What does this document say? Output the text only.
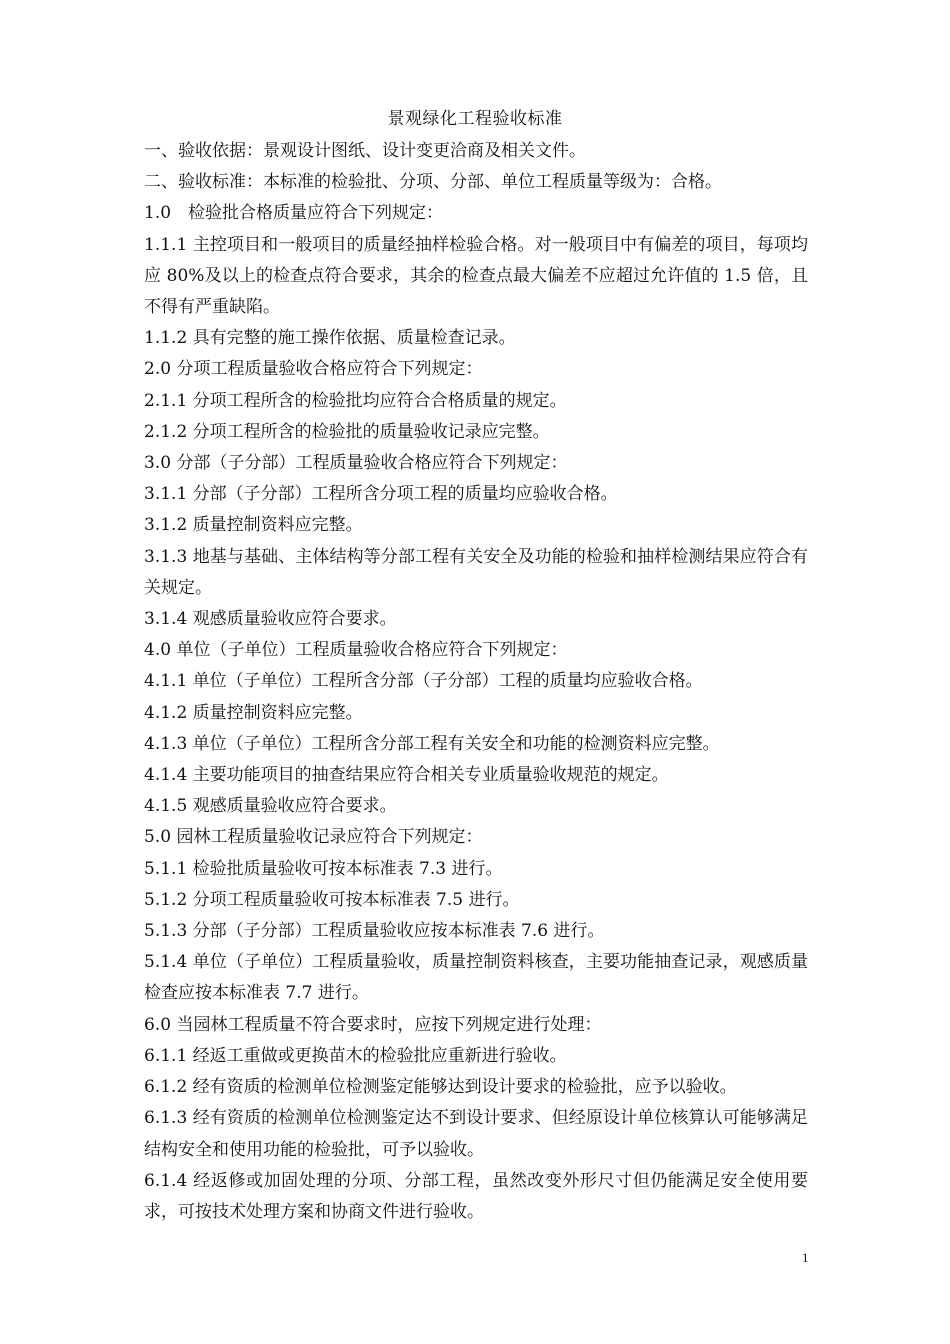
景观绿化工程验收标准

一、验收依据：景观设计图纸、设计变更洽商及相关文件。

二、验收标准：本标准的检验批、分项、分部、单位工程质量等级为：合格。

1.0　检验批合格质量应符合下列规定：

1.1.1 主控项目和一般项目的质量经抽样检验合格。对一般项目中有偏差的项目，每项均应 80%及以上的检查点符合要求，其余的检查点最大偏差不应超过允许值的 1.5 倍，且不得有严重缺陷。

1.1.2 具有完整的施工操作依据、质量检查记录。

2.0 分项工程质量验收合格应符合下列规定：

2.1.1 分项工程所含的检验批均应符合合格质量的规定。

2.1.2 分项工程所含的检验批的质量验收记录应完整。

3.0 分部（子分部）工程质量验收合格应符合下列规定：

3.1.1 分部（子分部）工程所含分项工程的质量均应验收合格。

3.1.2 质量控制资料应完整。

3.1.3 地基与基础、主体结构等分部工程有关安全及功能的检验和抽样检测结果应符合有关规定。

3.1.4 观感质量验收应符合要求。

4.0 单位（子单位）工程质量验收合格应符合下列规定：

4.1.1 单位（子单位）工程所含分部（子分部）工程的质量均应验收合格。

4.1.2 质量控制资料应完整。

4.1.3 单位（子单位）工程所含分部工程有关安全和功能的检测资料应完整。

4.1.4 主要功能项目的抽查结果应符合相关专业质量验收规范的规定。

4.1.5 观感质量验收应符合要求。

5.0 园林工程质量验收记录应符合下列规定：

5.1.1 检验批质量验收可按本标准表 7.3 进行。

5.1.2 分项工程质量验收可按本标准表 7.5 进行。

5.1.3 分部（子分部）工程质量验收应按本标准表 7.6 进行。

5.1.4 单位（子单位）工程质量验收，质量控制资料核查，主要功能抽查记录，观感质量检查应按本标准表 7.7 进行。

6.0 当园林工程质量不符合要求时，应按下列规定进行处理：

6.1.1 经返工重做或更换苗木的检验批应重新进行验收。

6.1.2 经有资质的检测单位检测鉴定能够达到设计要求的检验批，应予以验收。

6.1.3 经有资质的检测单位检测鉴定达不到设计要求、但经原设计单位核算认可能够满足结构安全和使用功能的检验批，可予以验收。

6.1.4 经返修或加固处理的分项、分部工程，虽然改变外形尺寸但仍能满足安全使用要求，可按技术处理方案和协商文件进行验收。

1
